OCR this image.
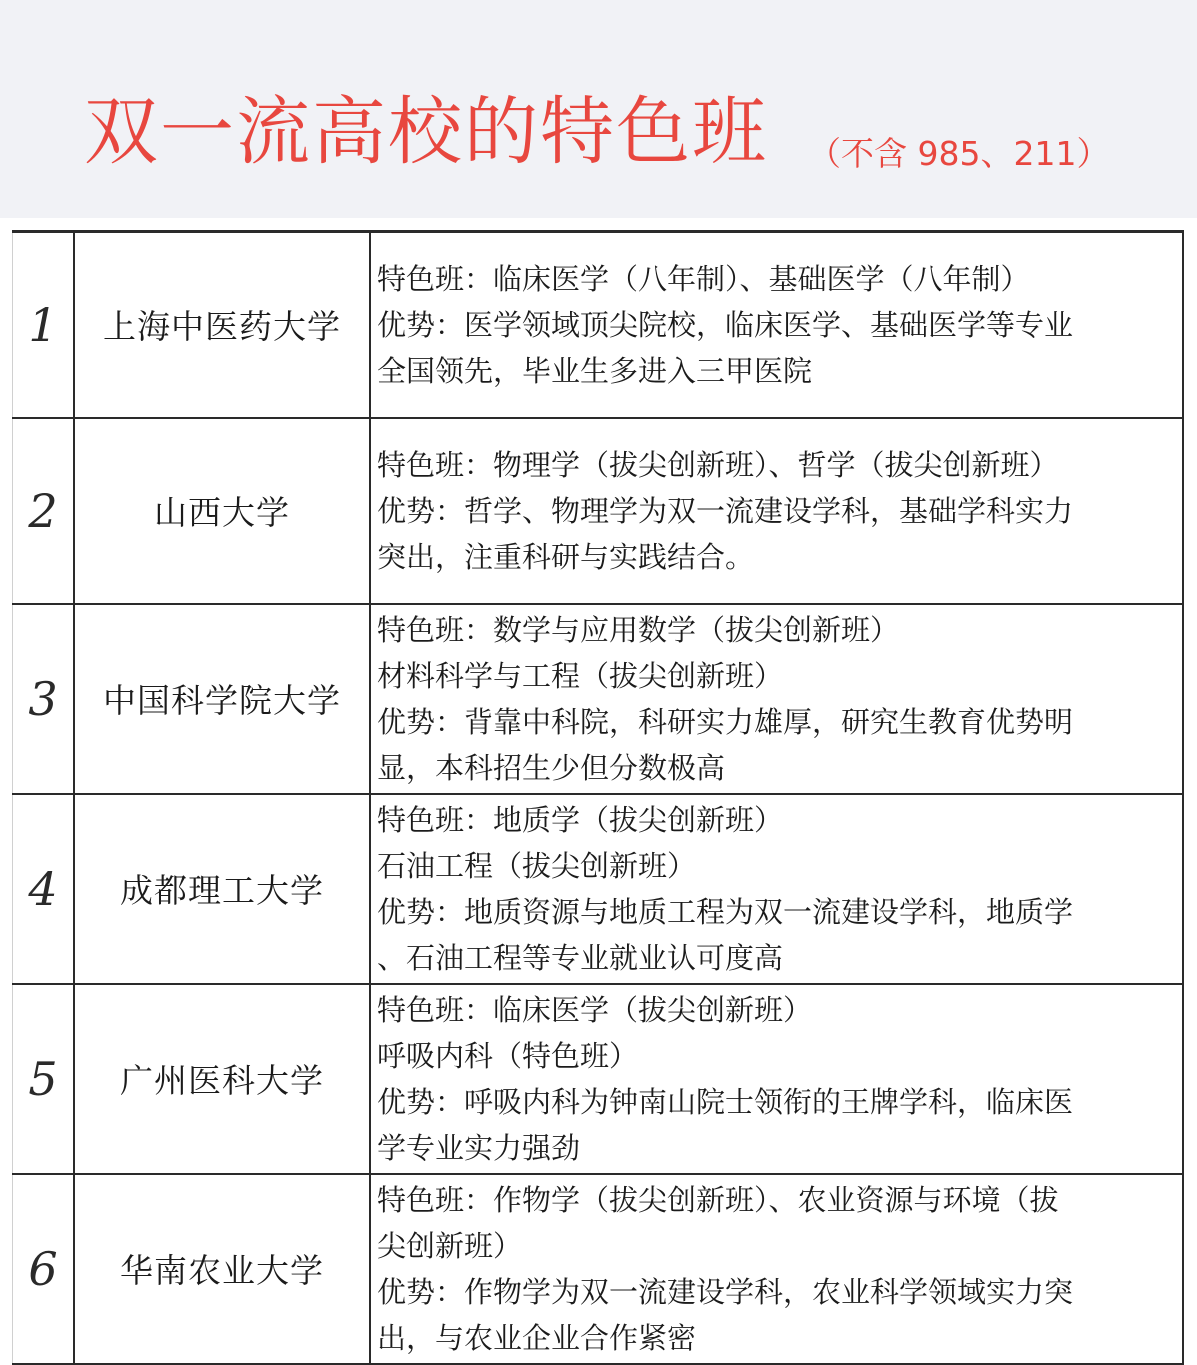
双一流高校的特色班 （不含 985、211）
1	上海中医药大学	特色班：临床医学（八年制）、基础医学（八年制）
优势：医学领域顶尖院校，临床医学、基础医学等专业
全国领先，毕业生多进入三甲医院

2	山西大学	特色班：物理学（拔尖创新班）、哲学（拔尖创新班）
优势：哲学、物理学为双一流建设学科，基础学科实力
突出，注重科研与实践结合。

3	中国科学院大学	特色班：数学与应用数学（拔尖创新班）
材料科学与工程（拔尖创新班）
优势：背靠中科院，科研实力雄厚，研究生教育优势明
显，本科招生少但分数极高

4	成都理工大学	特色班：地质学（拔尖创新班）
石油工程（拔尖创新班）
优势：地质资源与地质工程为双一流建设学科，地质学
、石油工程等专业就业认可度高

5	广州医科大学	特色班：临床医学（拔尖创新班）
呼吸内科（特色班）
优势：呼吸内科为钟南山院士领衔的王牌学科，临床医
学专业实力强劲

6	华南农业大学	特色班：作物学（拔尖创新班）、农业资源与环境（拔
尖创新班）
优势：作物学为双一流建设学科，农业科学领域实力突
出，与农业企业合作紧密
